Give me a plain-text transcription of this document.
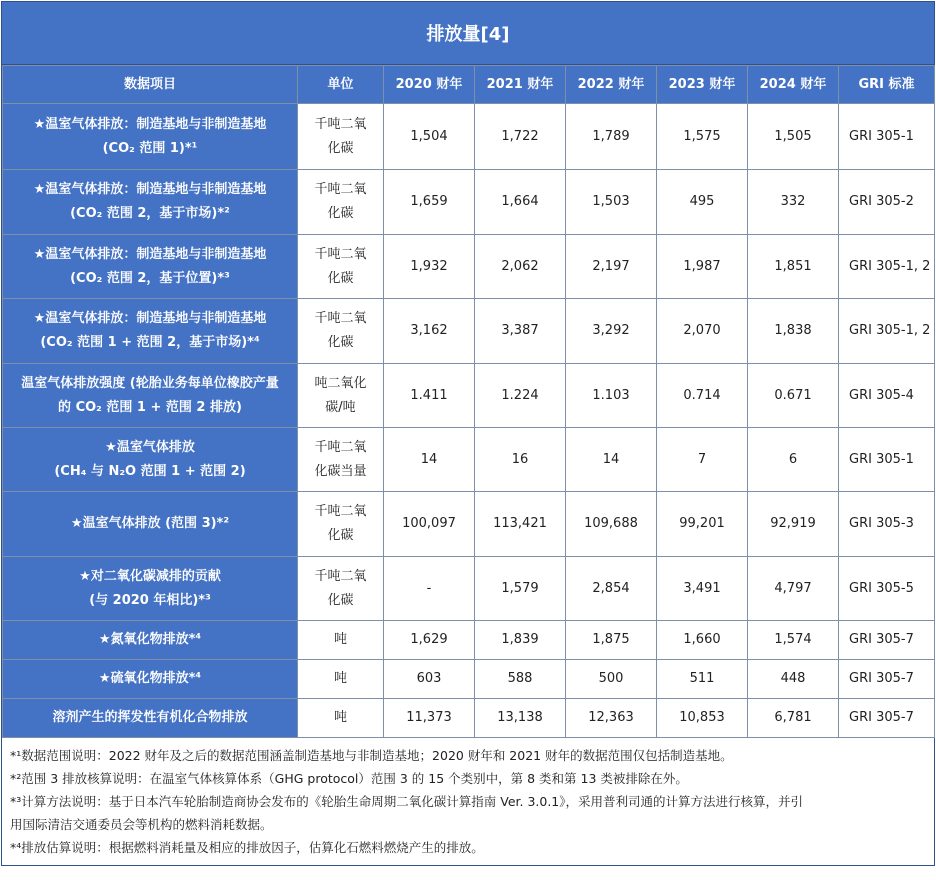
排放量[4]
数据项目	单位	2020 财年	2021 财年	2022 财年	2023 财年	2024 财年	GRI 标准

★温室气体排放：制造基地与非制造基地
(CO₂ 范围 1)*¹	千吨二氧
化碳	1,504	1,722	1,789	1,575	1,505	GRI 305-1

★温室气体排放：制造基地与非制造基地
(CO₂ 范围 2，基于市场)*²	千吨二氧
化碳	1,659	1,664	1,503	495	332	GRI 305-2

★温室气体排放：制造基地与非制造基地
(CO₂ 范围 2，基于位置)*³	千吨二氧
化碳	1,932	2,062	2,197	1,987	1,851	GRI 305-1, 2

★温室气体排放：制造基地与非制造基地
(CO₂ 范围 1 + 范围 2，基于市场)*⁴	千吨二氧
化碳	3,162	3,387	3,292	2,070	1,838	GRI 305-1, 2

温室气体排放强度 (轮胎业务每单位橡胶产量
的 CO₂ 范围 1 + 范围 2 排放)	吨二氧化
碳/吨	1.411	1.224	1.103	0.714	0.671	GRI 305-4

★温室气体排放
(CH₄ 与 N₂O 范围 1 + 范围 2)	千吨二氧
化碳当量	14	16	14	7	6	GRI 305-1

★温室气体排放 (范围 3)*²	千吨二氧
化碳	100,097	113,421	109,688	99,201	92,919	GRI 305-3

★对二氧化碳减排的贡献
(与 2020 年相比)*³	千吨二氧
化碳	-	1,579	2,854	3,491	4,797	GRI 305-5

★氮氧化物排放*⁴	吨	1,629	1,839	1,875	1,660	1,574	GRI 305-7

★硫氧化物排放*⁴	吨	603	588	500	511	448	GRI 305-7

溶剂产生的挥发性有机化合物排放	吨	11,373	13,138	12,363	10,853	6,781	GRI 305-7
*¹数据范围说明：2022 财年及之后的数据范围涵盖制造基地与非制造基地；2020 财年和 2021 财年的数据范围仅包括制造基地。
*²范围 3 排放核算说明：在温室气体核算体系（GHG protocol）范围 3 的 15 个类别中，第 8 类和第 13 类被排除在外。
*³计算方法说明：基于日本汽车轮胎制造商协会发布的《轮胎生命周期二氧化碳计算指南 Ver. 3.0.1》，采用普利司通的计算方法进行核算，并引
用国际清洁交通委员会等机构的燃料消耗数据。
*⁴排放估算说明：根据燃料消耗量及相应的排放因子，估算化石燃料燃烧产生的排放。
